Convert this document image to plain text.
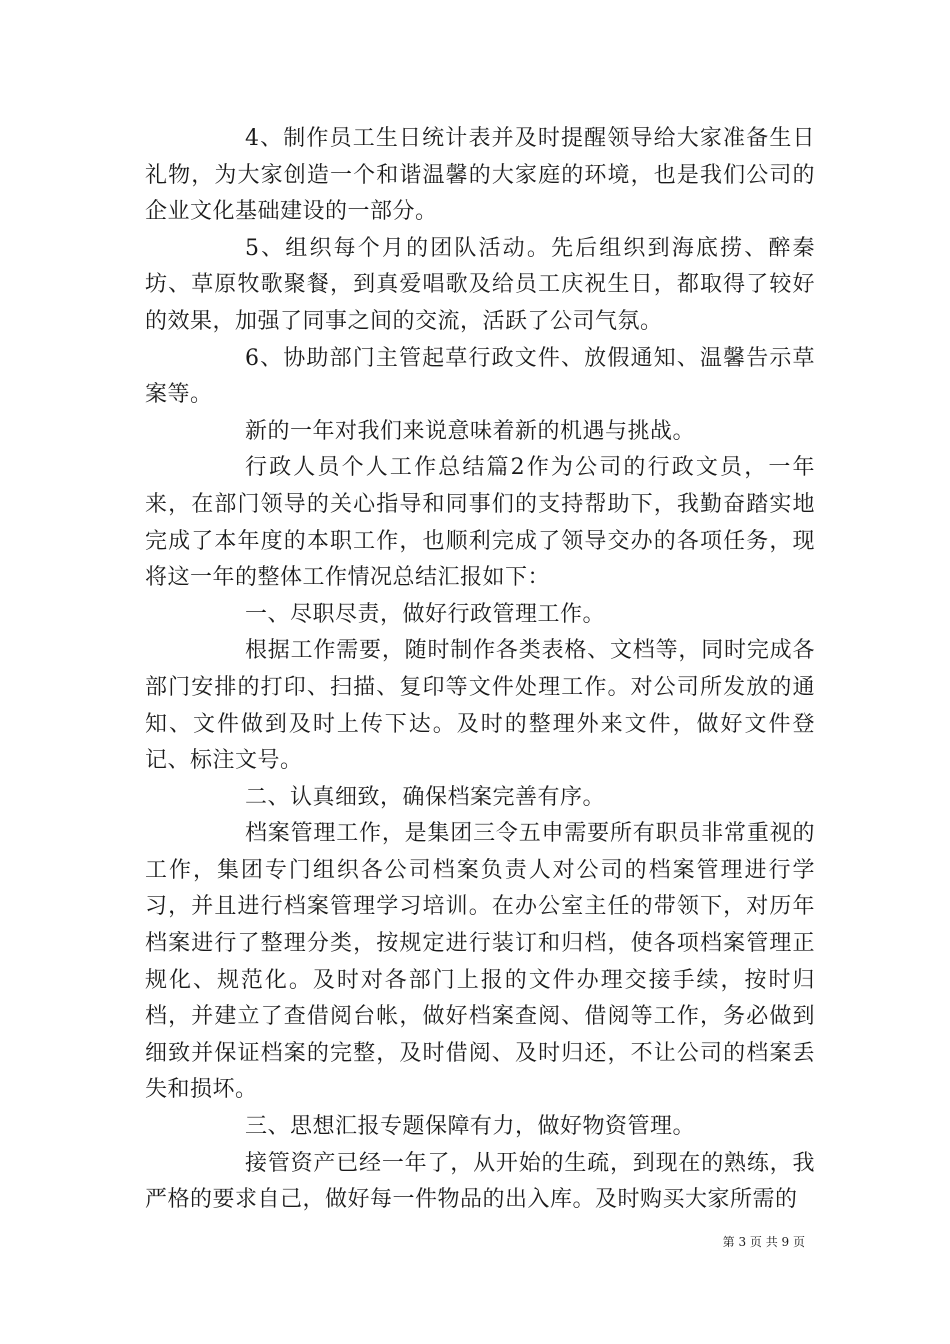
4、制作员工生日统计表并及时提醒领导给大家准备生日礼物，为大家创造一个和谐温馨的大家庭的环境，也是我们公司的企业文化基础建设的一部分。

5、组织每个月的团队活动。先后组织到海底捞、醉秦坊、草原牧歌聚餐，到真爱唱歌及给员工庆祝生日，都取得了较好的效果，加强了同事之间的交流，活跃了公司气氛。

6、协助部门主管起草行政文件、放假通知、温馨告示草案等。

新的一年对我们来说意味着新的机遇与挑战。

行政人员个人工作总结篇2作为公司的行政文员，一年来，在部门领导的关心指导和同事们的支持帮助下，我勤奋踏实地完成了本年度的本职工作，也顺利完成了领导交办的各项任务，现将这一年的整体工作情况总结汇报如下：

一、尽职尽责，做好行政管理工作。

根据工作需要，随时制作各类表格、文档等，同时完成各部门安排的打印、扫描、复印等文件处理工作。对公司所发放的通知、文件做到及时上传下达。及时的整理外来文件，做好文件登记、标注文号。

二、认真细致，确保档案完善有序。

档案管理工作，是集团三令五申需要所有职员非常重视的工作，集团专门组织各公司档案负责人对公司的档案管理进行学习，并且进行档案管理学习培训。在办公室主任的带领下，对历年档案进行了整理分类，按规定进行装订和归档，使各项档案管理正规化、规范化。及时对各部门上报的文件办理交接手续，按时归档，并建立了查借阅台帐，做好档案查阅、借阅等工作，务必做到细致并保证档案的完整，及时借阅、及时归还，不让公司的档案丢失和损坏。

三、思想汇报专题保障有力，做好物资管理。

接管资产已经一年了，从开始的生疏，到现在的熟练，我严格的要求自己，做好每一件物品的出入库。及时购买大家所需的

第 3 页 共 9 页
